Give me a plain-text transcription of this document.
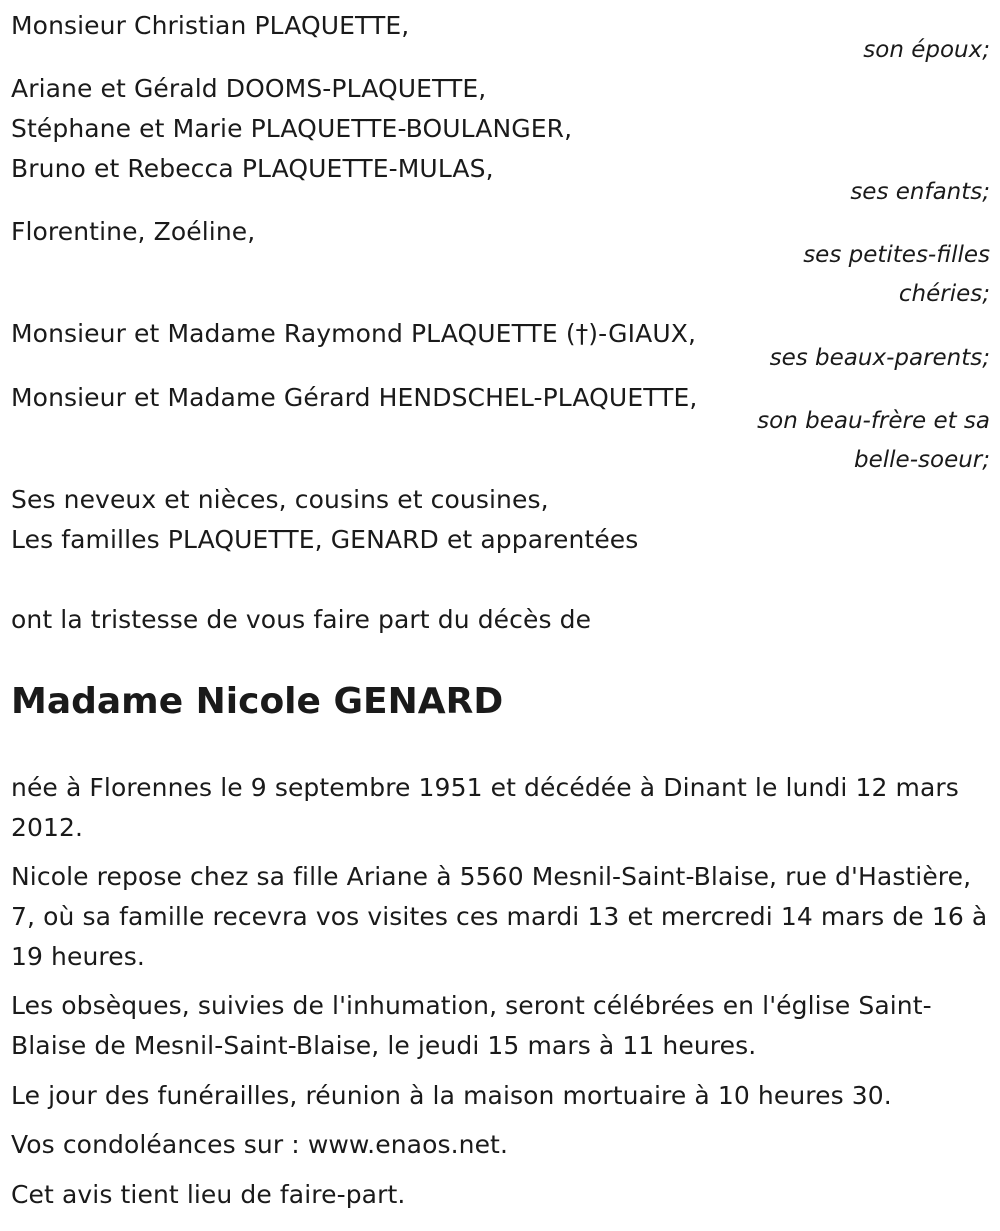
Monsieur Christian PLAQUETTE,
son époux;
Ariane et Gérald DOOMS-PLAQUETTE,
Stéphane et Marie PLAQUETTE-BOULANGER,
Bruno et Rebecca PLAQUETTE-MULAS,
ses enfants;
Florentine, Zoéline,
ses petites-filles
chéries;
Monsieur et Madame Raymond PLAQUETTE (†)-GIAUX,
ses beaux-parents;
Monsieur et Madame Gérard HENDSCHEL-PLAQUETTE,
son beau-frère et sa
belle-soeur;
Ses neveux et nièces, cousins et cousines,
Les familles PLAQUETTE, GENARD et apparentées
ont la tristesse de vous faire part du décès de
Madame Nicole GENARD

née à Florennes le 9 septembre 1951 et décédée à Dinant le lundi 12 mars 2012.

Nicole repose chez sa fille Ariane à 5560 Mesnil-Saint-Blaise, rue d'Hastière, 7, où sa famille recevra vos visites ces mardi 13 et mercredi 14 mars de 16 à 19 heures.

Les obsèques, suivies de l'inhumation, seront célébrées en l'église Saint-Blaise de Mesnil-Saint-Blaise, le jeudi 15 mars à 11 heures.

Le jour des funérailles, réunion à la maison mortuaire à 10 heures 30.

Vos condoléances sur : www.enaos.net.

Cet avis tient lieu de faire-part.
